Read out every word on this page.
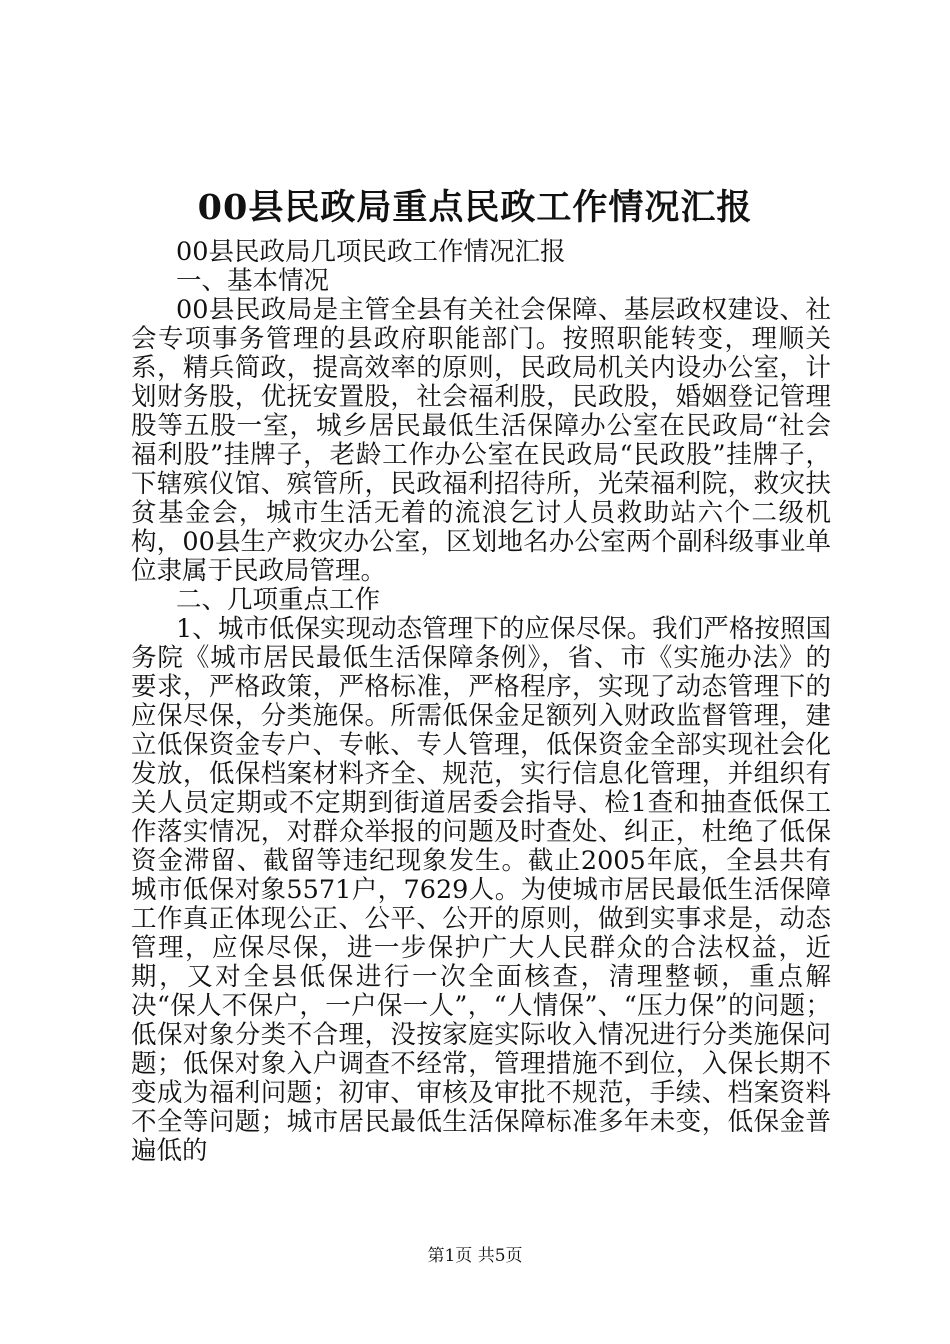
00县民政局重点民政工作情况汇报

00县民政局几项民政工作情况汇报

一、基本情况

00县民政局是主管全县有关社会保障、基层政权建设、社会专项事务管理的县政府职能部门。按照职能转变，理顺关系，精兵简政，提高效率的原则，民政局机关内设办公室，计划财务股，优抚安置股，社会福利股，民政股，婚姻登记管理股等五股一室，城乡居民最低生活保障办公室在民政局“社会福利股”挂牌子，老龄工作办公室在民政局“民政股”挂牌子，下辖殡仪馆、殡管所，民政福利招待所，光荣福利院，救灾扶贫基金会，城市生活无着的流浪乞讨人员救助站六个二级机构，00县生产救灾办公室，区划地名办公室两个副科级事业单位隶属于民政局管理。

二、几项重点工作

1、城市低保实现动态管理下的应保尽保。我们严格按照国务院《城市居民最低生活保障条例》，省、市《实施办法》的要求，严格政策，严格标准，严格程序，实现了动态管理下的应保尽保，分类施保。所需低保金足额列入财政监督管理，建立低保资金专户、专帐、专人管理，低保资金全部实现社会化发放，低保档案材料齐全、规范，实行信息化管理，并组织有关人员定期或不定期到街道居委会指导、检1查和抽查低保工作落实情况，对群众举报的问题及时查处、纠正，杜绝了低保资金滞留、截留等违纪现象发生。截止2005年底，全县共有城市低保对象5571户，7629人。为使城市居民最低生活保障工作真正体现公正、公平、公开的原则，做到实事求是，动态管理，应保尽保，进一步保护广大人民群众的合法权益，近期，又对全县低保进行一次全面核查，清理整顿，重点解决“保人不保户，一户保一人”，“人情保”、“压力保”的问题；低保对象分类不合理，没按家庭实际收入情况进行分类施保问题；低保对象入户调查不经常，管理措施不到位，入保长期不变成为福利问题；初审、审核及审批不规范，手续、档案资料不全等问题；城市居民最低生活保障标准多年未变，低保金普遍低的

第1页 共5页
